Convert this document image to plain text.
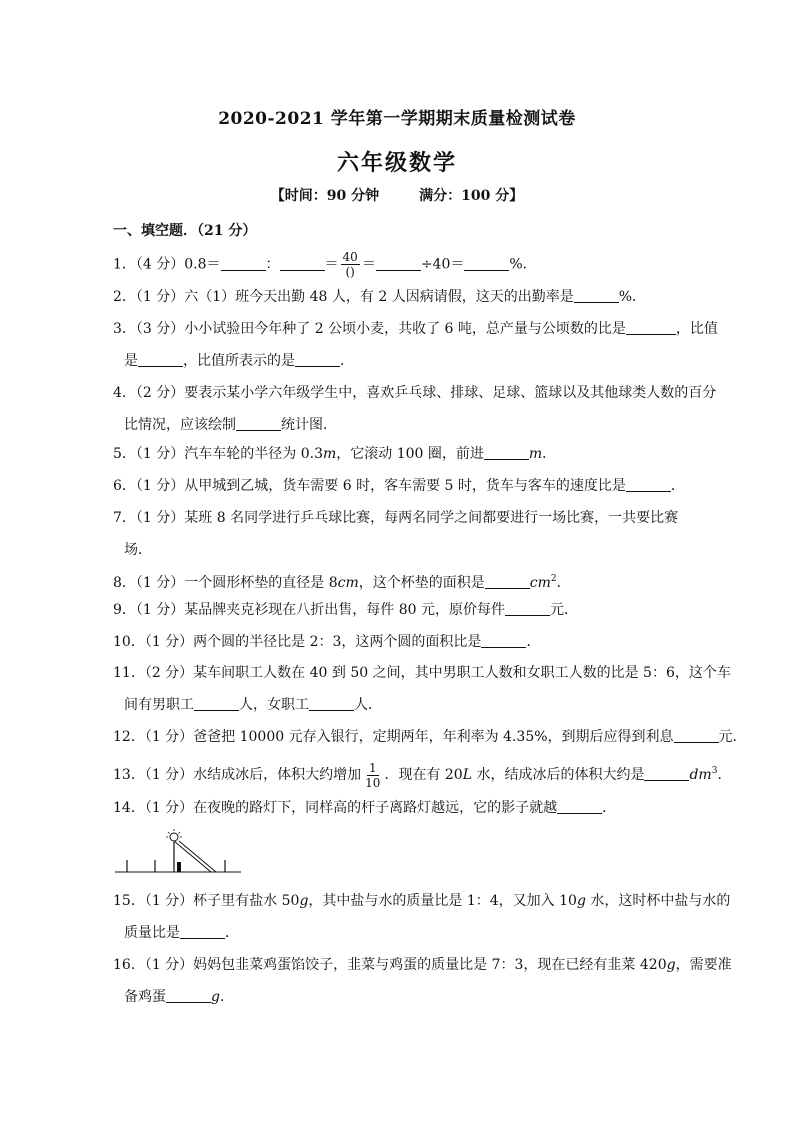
2020-2021 学年第一学期期末质量检测试卷
六年级数学
【时间：90 分钟	满分：100 分】
一、填空题．（21 分）
1．（4 分）0.8＝	：	＝ $\frac{40}{()}$ ＝	÷40＝	%．
2．（1 分）六（1）班今天出勤 48 人，有 2 人因病请假，这天的出勤率是	%．
3．（3 分）小小试验田今年种了 2 公顷小麦，共收了 6 吨，总产量与公顷数的比是	，比值
是	，比值所表示的是	．
4．（2 分）要表示某小学六年级学生中，喜欢乒乓球、排球、足球、篮球以及其他球类人数的百分
比情况，应该绘制	统计图．
5．（1 分）汽车车轮的半径为 0.3m，它滚动 100 圈，前进	m．
6．（1 分）从甲城到乙城，货车需要 6 时，客车需要 5 时，货车与客车的速度比是	．
7．（1 分）某班 8 名同学进行乒乓球比赛，每两名同学之间都要进行一场比赛，一共要比赛
场．
8．（1 分）一个圆形杯垫的直径是 8cm，这个杯垫的面积是	$cm^2$．
9．（1 分）某品牌夹克衫现在八折出售，每件 80 元，原价每件	元．
10．（1 分）两个圆的半径比是 2：3，这两个圆的面积比是	．
11．（2 分）某车间职工人数在 40 到 50 之间，其中男职工人数和女职工人数的比是 5：6，这个车
间有男职工	人，女职工	人．
12．（1 分）爸爸把 10000 元存入银行，定期两年，年利率为 4.35%，到期后应得到利息	元．
13．（1 分）水结成冰后，体积大约增加 $\frac{1}{10}$ ．现在有 20L 水，结成冰后的体积大约是	$dm^3$．
14．（1 分）在夜晚的路灯下，同样高的杆子离路灯越远，它的影子就越	．
15．（1 分）杯子里有盐水 50g，其中盐与水的质量比是 1：4，又加入 10g 水，这时杯中盐与水的
质量比是	．
16．（1 分）妈妈包韭菜鸡蛋馅饺子，韭菜与鸡蛋的质量比是 7：3，现在已经有韭菜 420g，需要准
备鸡蛋	g．
